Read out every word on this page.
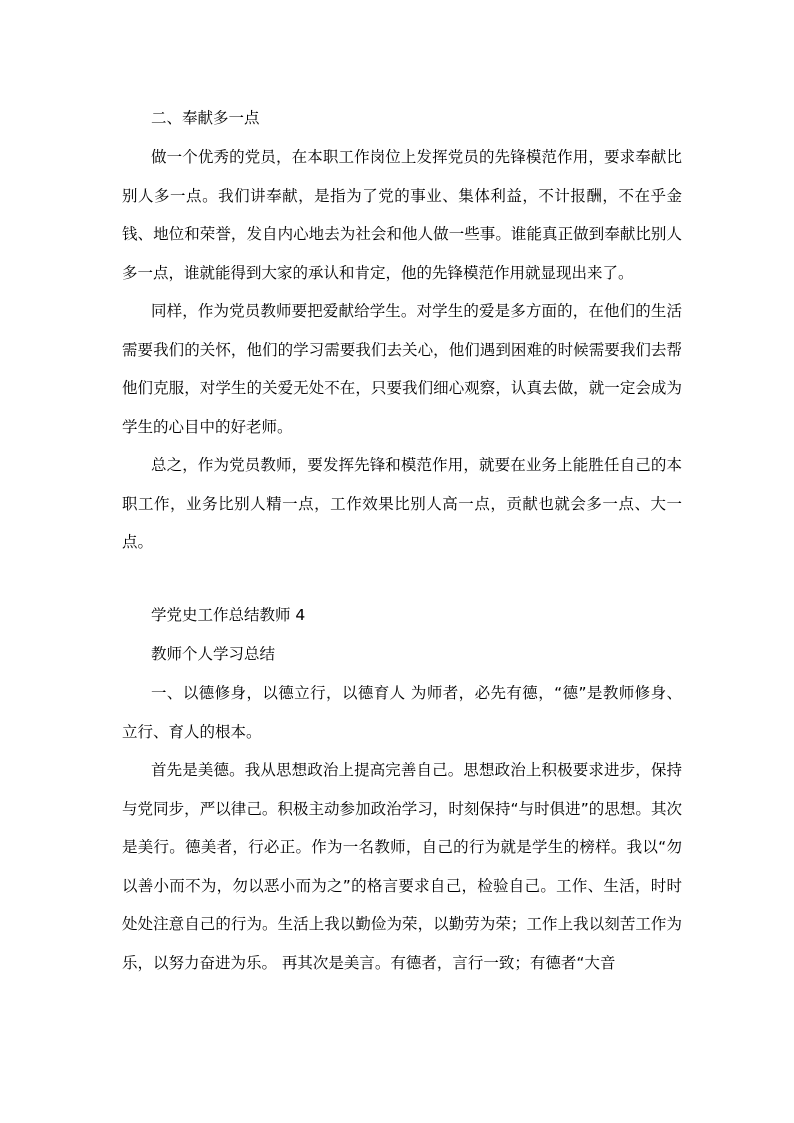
二、奉献多一点

做一个优秀的党员，在本职工作岗位上发挥党员的先锋模范作用，要求奉献比别人多一点。我们讲奉献，是指为了党的事业、集体利益，不计报酬，不在乎金钱、地位和荣誉，发自内心地去为社会和他人做一些事。谁能真正做到奉献比别人多一点，谁就能得到大家的承认和肯定，他的先锋模范作用就显现出来了。

同样，作为党员教师要把爱献给学生。对学生的爱是多方面的，在他们的生活需要我们的关怀，他们的学习需要我们去关心，他们遇到困难的时候需要我们去帮他们克服，对学生的关爱无处不在，只要我们细心观察，认真去做，就一定会成为学生的心目中的好老师。

总之，作为党员教师，要发挥先锋和模范作用，就要在业务上能胜任自己的本职工作，业务比别人精一点，工作效果比别人高一点，贡献也就会多一点、大一点。

学党史工作总结教师 4

教师个人学习总结

一、以德修身，以德立行，以德育人 为师者，必先有德，“德”是教师修身、立行、育人的根本。

首先是美德。我从思想政治上提高完善自己。思想政治上积极要求进步，保持与党同步，严以律己。积极主动参加政治学习，时刻保持“与时俱进”的思想。其次是美行。德美者，行必正。作为一名教师，自己的行为就是学生的榜样。我以“勿以善小而不为，勿以恶小而为之”的格言要求自己，检验自己。工作、生活，时时处处注意自己的行为。生活上我以勤俭为荣，以勤劳为荣；工作上我以刻苦工作为乐，以努力奋进为乐。 再其次是美言。有德者，言行一致；有德者“大音
